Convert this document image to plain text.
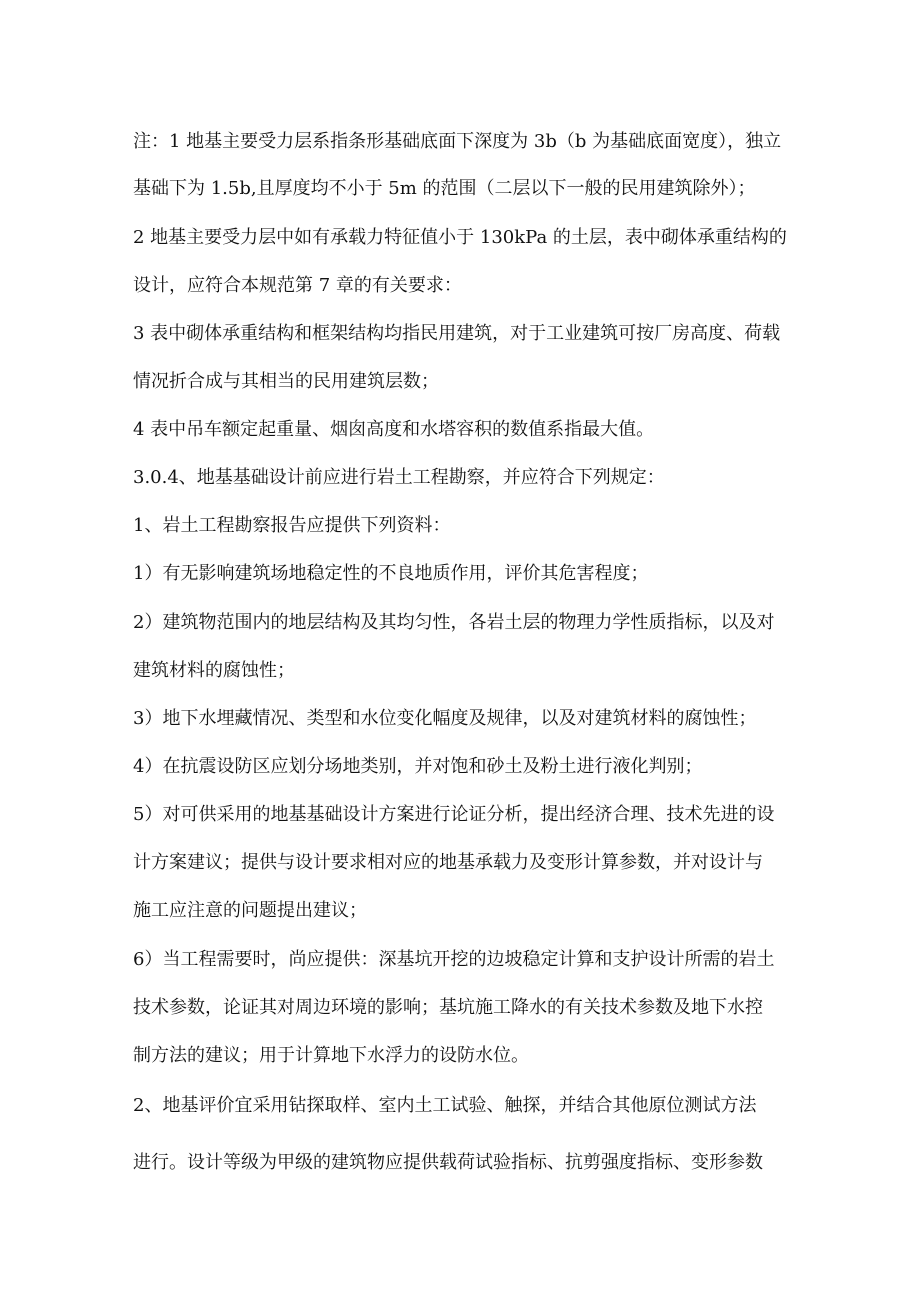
注：1 地基主要受力层系指条形基础底面下深度为 3b（b 为基础底面宽度），独立

基础下为 1.5b,且厚度均不小于 5m 的范围（二层以下一般的民用建筑除外）；

2 地基主要受力层中如有承载力特征值小于 130kPa 的土层，表中砌体承重结构的

设计，应符合本规范第 7 章的有关要求：

3 表中砌体承重结构和框架结构均指民用建筑，对于工业建筑可按厂房高度、荷载

情况折合成与其相当的民用建筑层数；

4 表中吊车额定起重量、烟囱高度和水塔容积的数值系指最大值。

3.0.4、地基基础设计前应进行岩土工程勘察，并应符合下列规定：

1、岩土工程勘察报告应提供下列资料：

1）有无影响建筑场地稳定性的不良地质作用，评价其危害程度；

2）建筑物范围内的地层结构及其均匀性，各岩土层的物理力学性质指标，以及对

建筑材料的腐蚀性；

3）地下水埋藏情况、类型和水位变化幅度及规律，以及对建筑材料的腐蚀性；

4）在抗震设防区应划分场地类别，并对饱和砂土及粉土进行液化判别；

5）对可供采用的地基基础设计方案进行论证分析，提出经济合理、技术先进的设

计方案建议；提供与设计要求相对应的地基承载力及变形计算参数，并对设计与

施工应注意的问题提出建议；

6）当工程需要时，尚应提供：深基坑开挖的边坡稳定计算和支护设计所需的岩土

技术参数，论证其对周边环境的影响；基坑施工降水的有关技术参数及地下水控

制方法的建议；用于计算地下水浮力的设防水位。

2、地基评价宜采用钻探取样、室内土工试验、触探，并结合其他原位测试方法

进行。设计等级为甲级的建筑物应提供载荷试验指标、抗剪强度指标、变形参数
